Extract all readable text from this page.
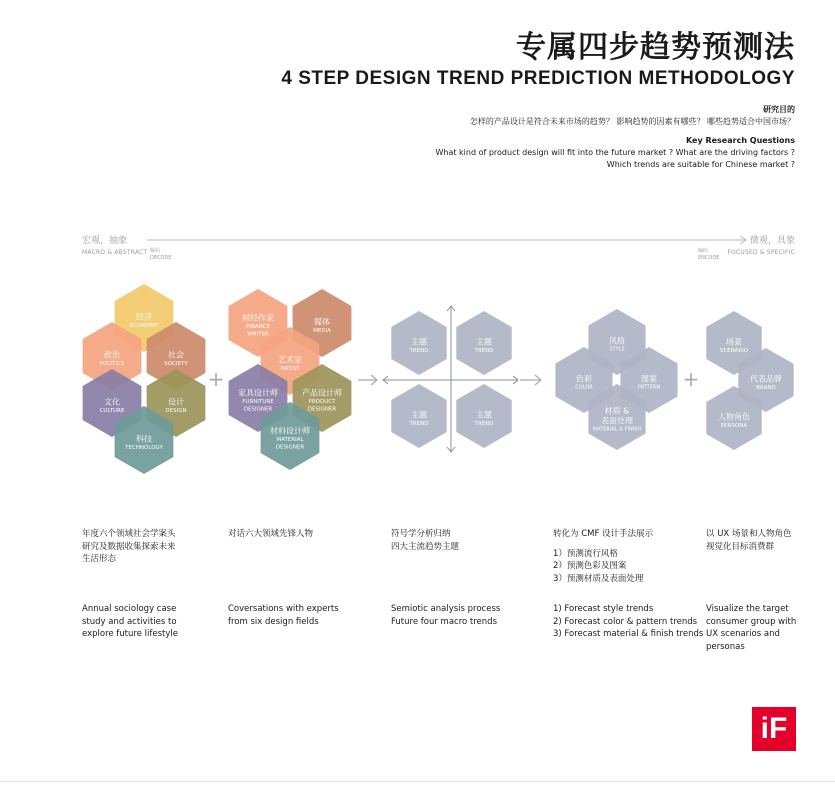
专属四步趋势预测法
4 STEP DESIGN TREND PREDICTION METHODOLOGY
研究目的
怎样的产品设计是符合未来市场的趋势？ 影响趋势的因素有哪些？ 哪些趋势适合中国市场？
Key Research Questions
What kind of product design will fit into the future market ? What are the driving factors ?
Which trends are suitable for Chinese market ?
宏观，抽象
MACRO & ABSTRACT 解码
DECODE
编码
ENCODE
微观，具象
FOCUSED & SPECIFIC
+	+
经济
ECONOMY
政治
POLITICS
社会
SOCIETY
文化
CULTURE
设计
DESIGN
科技
TECHNOLOGY
财经作家
FINANCE
WRITER
媒体
MEDIA
艺术家
ARTIST
家具设计师
FURNITURE
DESIGNER
产品设计师
PRODUCT
DESIGNER
材料设计师
MATERIAL
DESIGNER
主题
TREND
主题
TREND
主题
TREND
主题
TREND
风格
STYLE
色彩
COLOR
图案
PATTERN
材质 &
表面处理
MATERIAL & FINISH
场景
SCENARIO
代表品牌
BRAND
人物角色
PERSONA
年度六个领域社会学案头
研究及数据收集探索未来
生活形态
Annual sociology case
study and activities to
explore future lifestyle
对话六大领域先锋人物
Coversations with experts
from six design fields
符号学分析归纳
四大主流趋势主题
Semiotic analysis process
Future four macro trends
转化为 CMF 设计手法展示
1）预测流行风格
2）预测色彩及图案
3）预测材质及表面处理
1) Forecast style trends
2) Forecast color & pattern trends
3) Forecast material & finish trends
以 UX 场景和人物角色
视觉化目标消费群
Visualize the target
consumer group with
UX scenarios and
personas
iF
